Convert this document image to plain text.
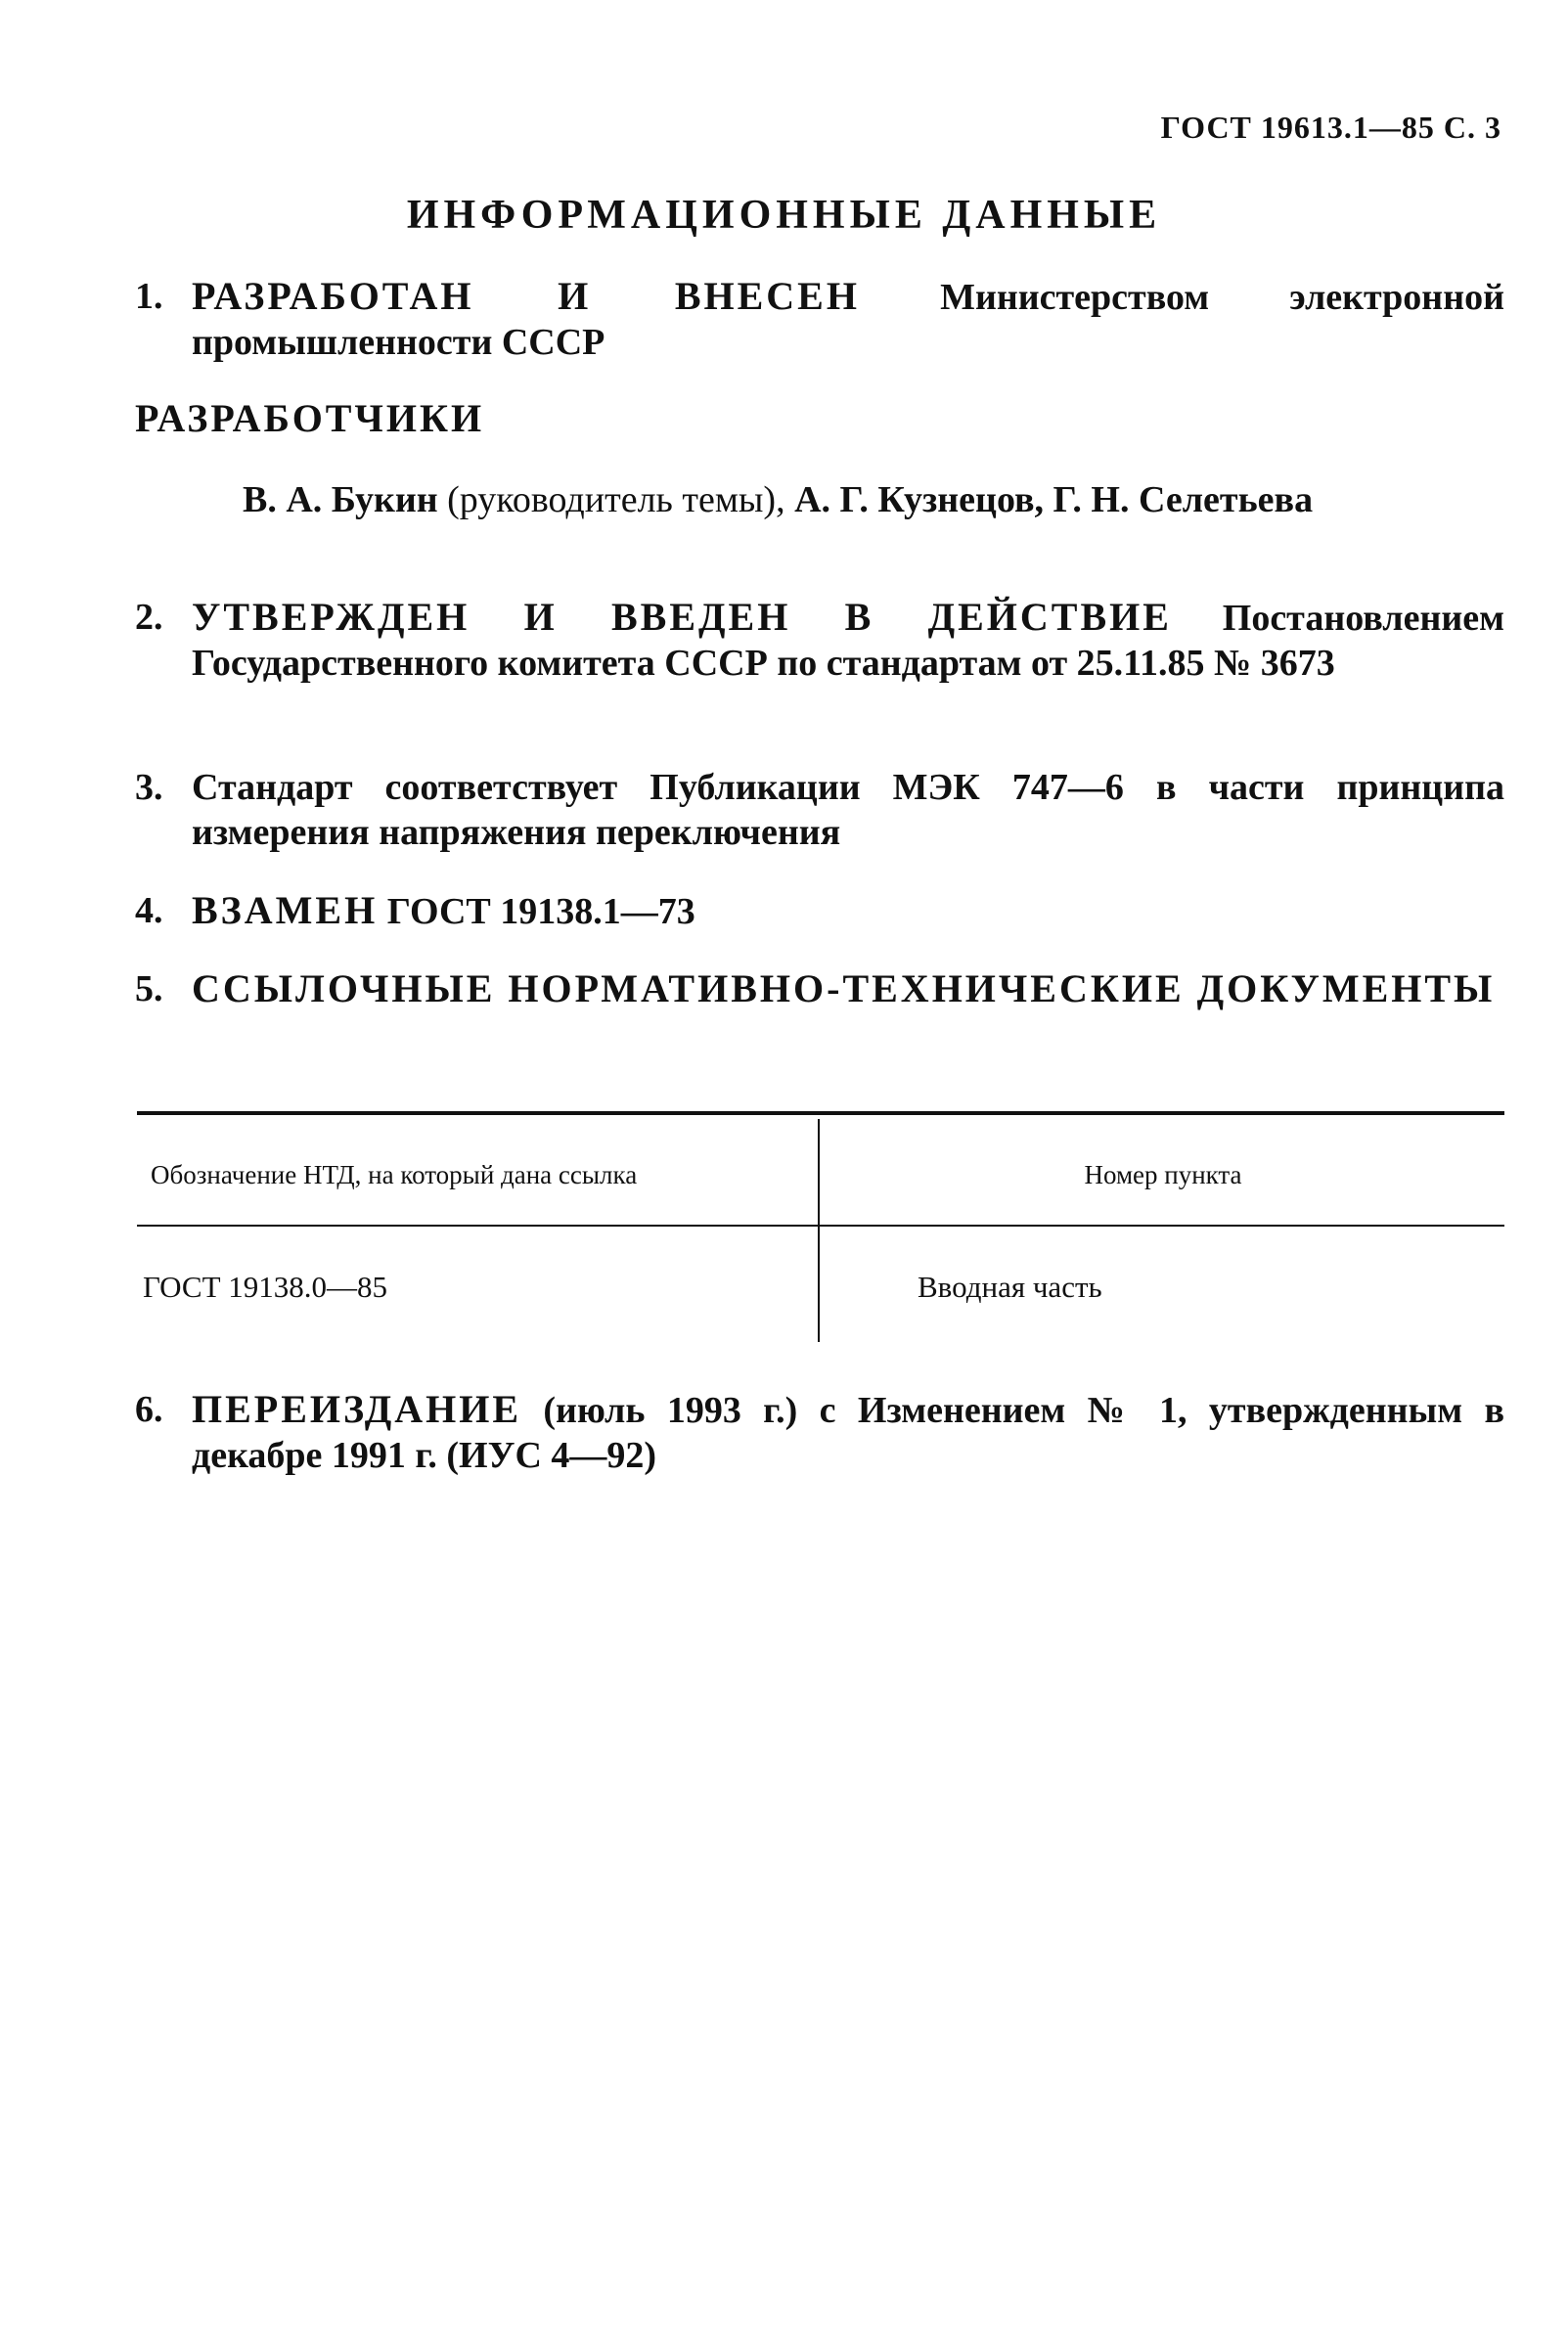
ГОСТ 19613.1—85 С. 3
ИНФОРМАЦИОННЫЕ ДАННЫЕ
1. РАЗРАБОТАН И ВНЕСЕН Министерством электронной промышленности СССР
РАЗРАБОТЧИКИ
В. А. Букин (руководитель темы), А. Г. Кузнецов, Г. Н. Селетьева
2. УТВЕРЖДЕН И ВВЕДЕН В ДЕЙСТВИЕ Постановлением Государственного комитета СССР по стандартам от 25.11.85 № 3673
3. Стандарт соответствует Публикации МЭК 747—6 в части принципа измерения напряжения переключения
4. ВЗАМЕН ГОСТ 19138.1—73
5. ССЫЛОЧНЫЕ НОРМАТИВНО-ТЕХНИЧЕСКИЕ ДОКУМЕНТЫ
Обозначение НТД, на который дана ссылка	Номер пункта
ГОСТ 19138.0—85	Вводная часть
6. ПЕРЕИЗДАНИЕ (июль 1993 г.) с Изменением № 1, утвержденным в декабре 1991 г. (ИУС 4—92)
